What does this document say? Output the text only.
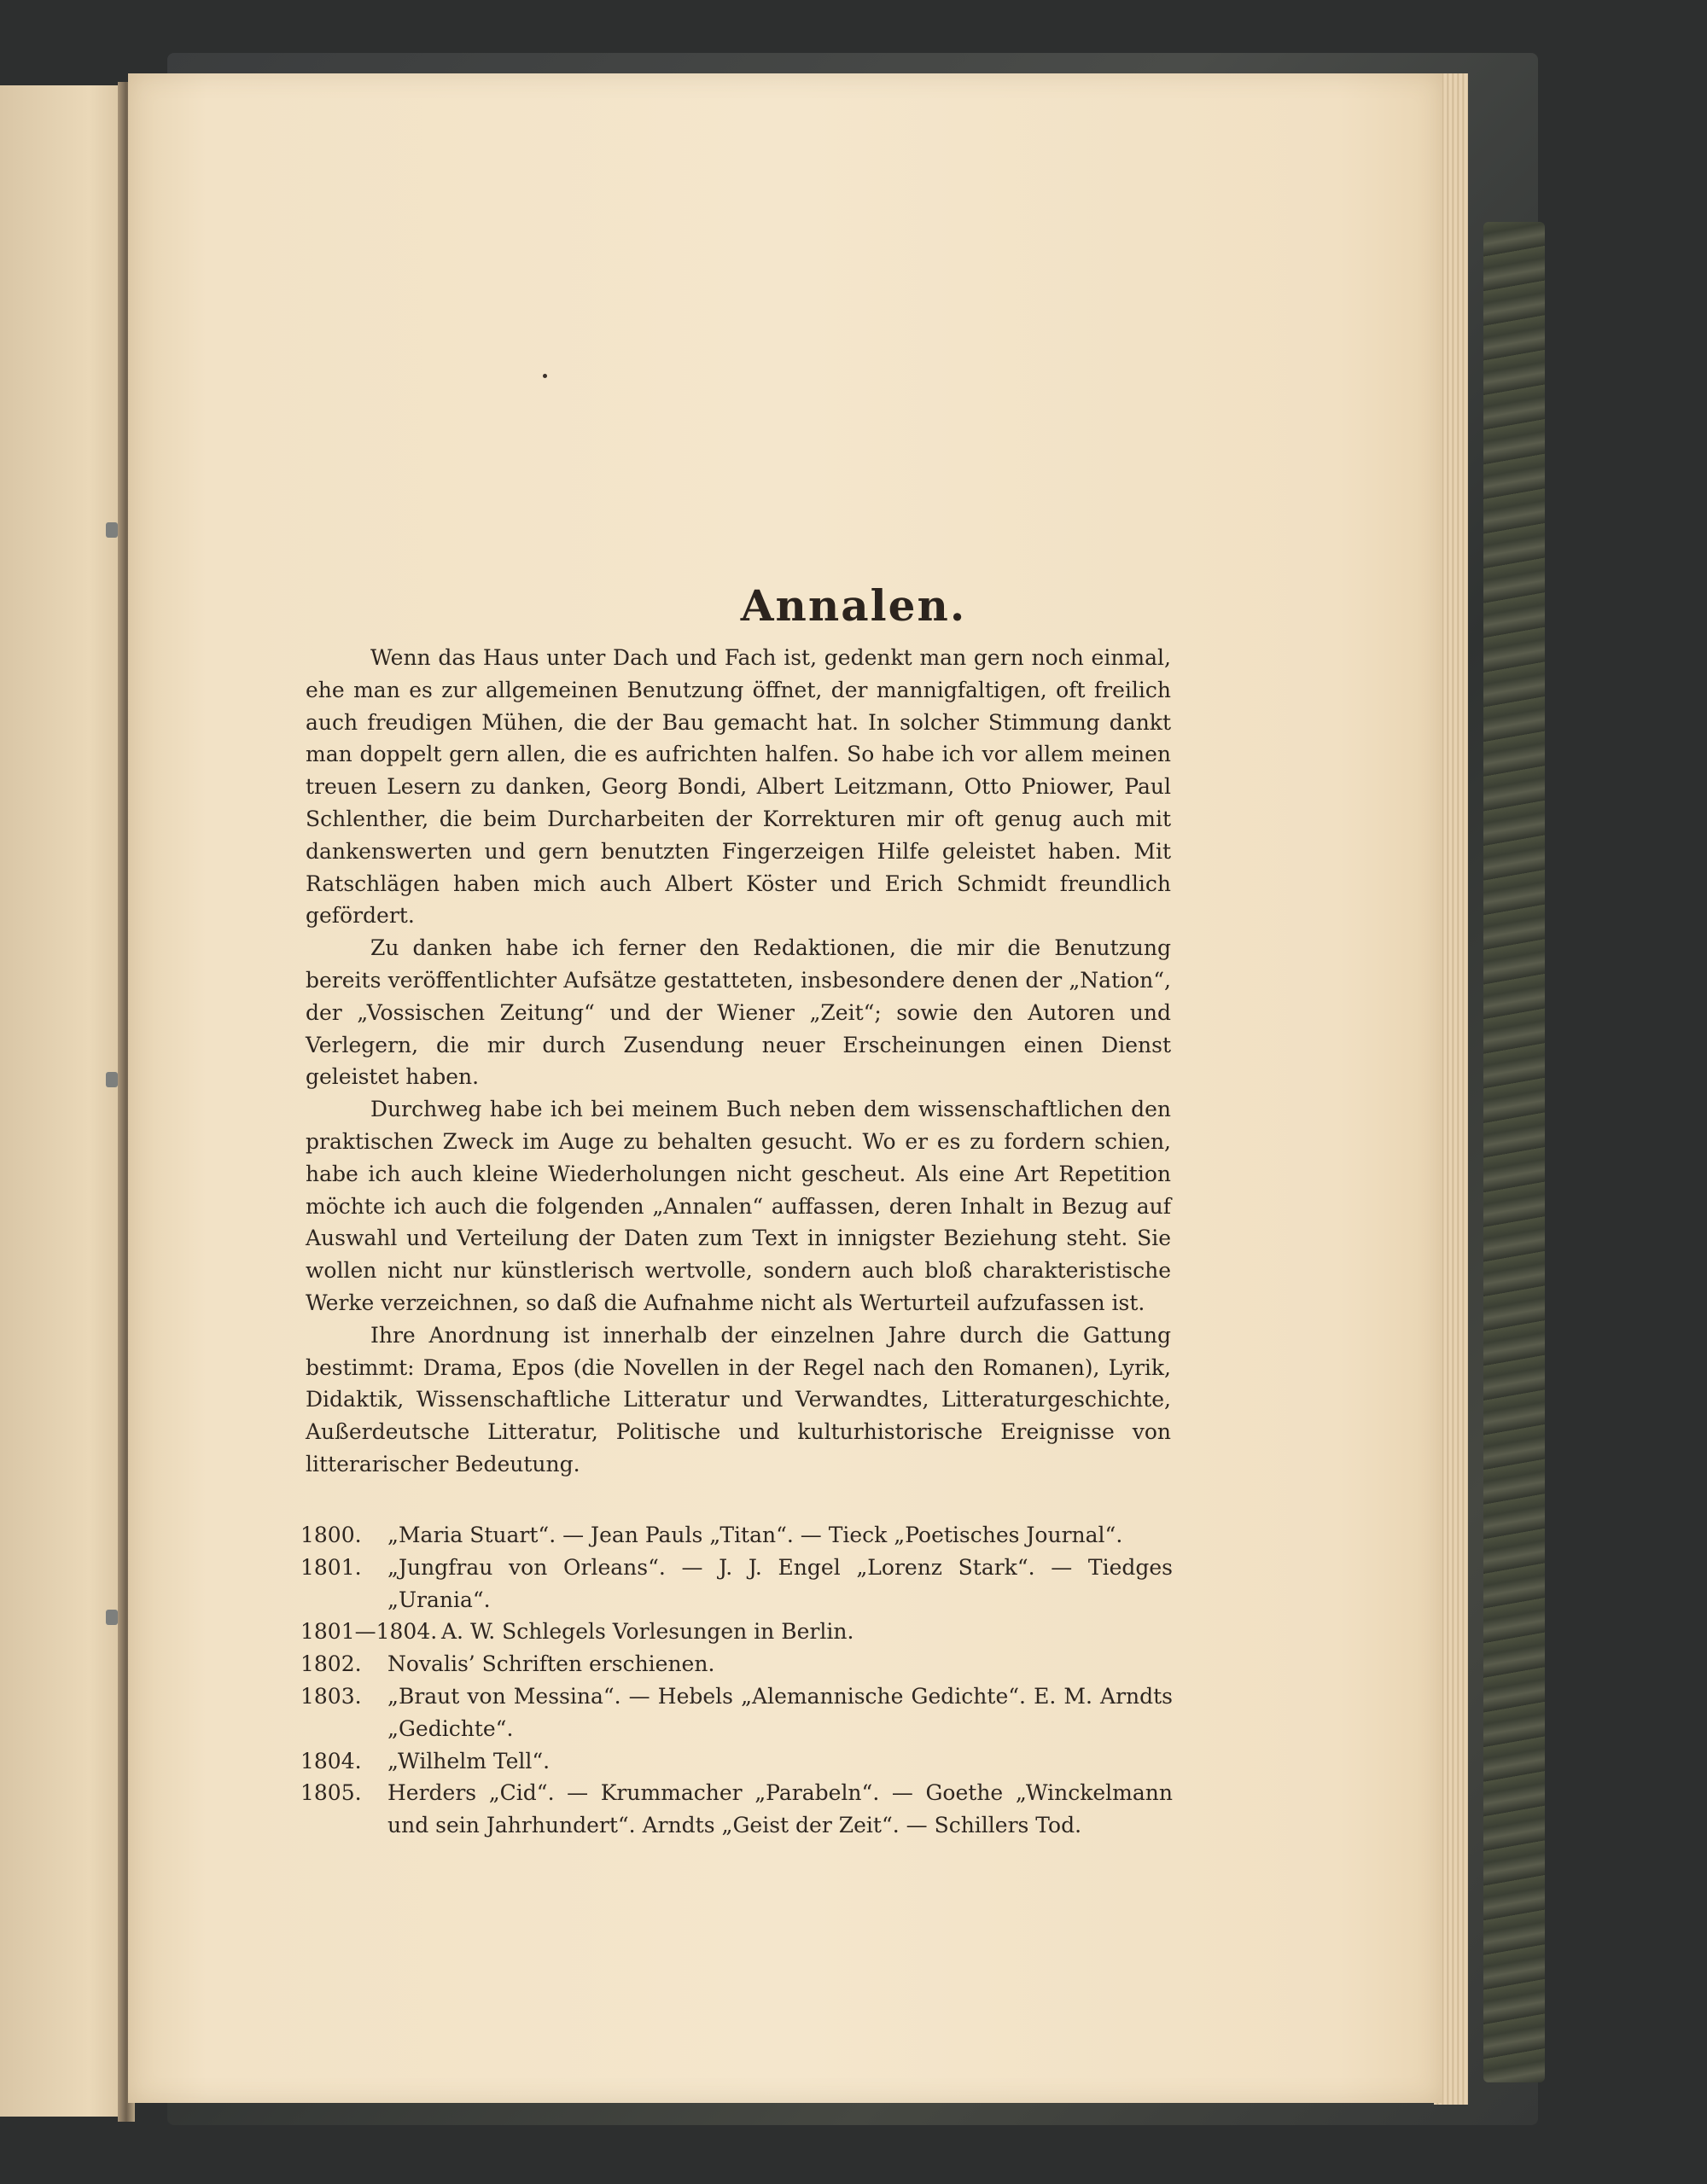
Annalen.

Wenn das Haus unter Dach und Fach ist, gedenkt man gern noch einmal, ehe man es zur allgemeinen Benutzung öffnet, der mannigfaltigen, oft freilich auch freudigen Mühen, die der Bau gemacht hat. In solcher Stimmung dankt man doppelt gern allen, die es aufrichten halfen. So habe ich vor allem meinen treuen Lesern zu danken, Georg Bondi, Albert Leitzmann, Otto Pniower, Paul Schlenther, die beim Durcharbeiten der Korrekturen mir oft genug auch mit dankenswerten und gern benutzten Fingerzeigen Hilfe geleistet haben. Mit Ratschlägen haben mich auch Albert Köster und Erich Schmidt freundlich gefördert.

Zu danken habe ich ferner den Redaktionen, die mir die Benutzung bereits veröffentlichter Aufsätze gestatteten, insbesondere denen der „Nation“, der „Vossischen Zeitung“ und der Wiener „Zeit“; sowie den Autoren und Verlegern, die mir durch Zusendung neuer Erscheinungen einen Dienst geleistet haben.

Durchweg habe ich bei meinem Buch neben dem wissenschaftlichen den praktischen Zweck im Auge zu behalten gesucht. Wo er es zu fordern schien, habe ich auch kleine Wiederholungen nicht gescheut. Als eine Art Repetition möchte ich auch die folgenden „Annalen“ auffassen, deren Inhalt in Bezug auf Auswahl und Verteilung der Daten zum Text in innigster Beziehung steht. Sie wollen nicht nur künstlerisch wertvolle, sondern auch bloß charakteristische Werke verzeichnen, so daß die Aufnahme nicht als Werturteil aufzufassen ist.

Ihre Anordnung ist innerhalb der einzelnen Jahre durch die Gattung bestimmt: Drama, Epos (die Novellen in der Regel nach den Romanen), Lyrik, Didaktik, Wissenschaftliche Litteratur und Verwandtes, Litteraturgeschichte, Außerdeutsche Litteratur, Politische und kulturhistorische Ereignisse von litterarischer Bedeutung.

1800.	„Maria Stuart“. — Jean Pauls „Titan“. — Tieck „Poetisches Journal“.
1801.	„Jungfrau von Orleans“. — J. J. Engel „Lorenz Stark“. — Tiedges „Urania“.
1801—1804. A. W. Schlegels Vorlesungen in Berlin.
1802.	Novalis’ Schriften erschienen.
1803.	„Braut von Messina“. — Hebels „Alemannische Gedichte“. E. M. Arndts „Gedichte“.
1804.	„Wilhelm Tell“.
1805.	Herders „Cid“. — Krummacher „Parabeln“. — Goethe „Winckelmann und sein Jahrhundert“. Arndts „Geist der Zeit“. — Schillers Tod.
